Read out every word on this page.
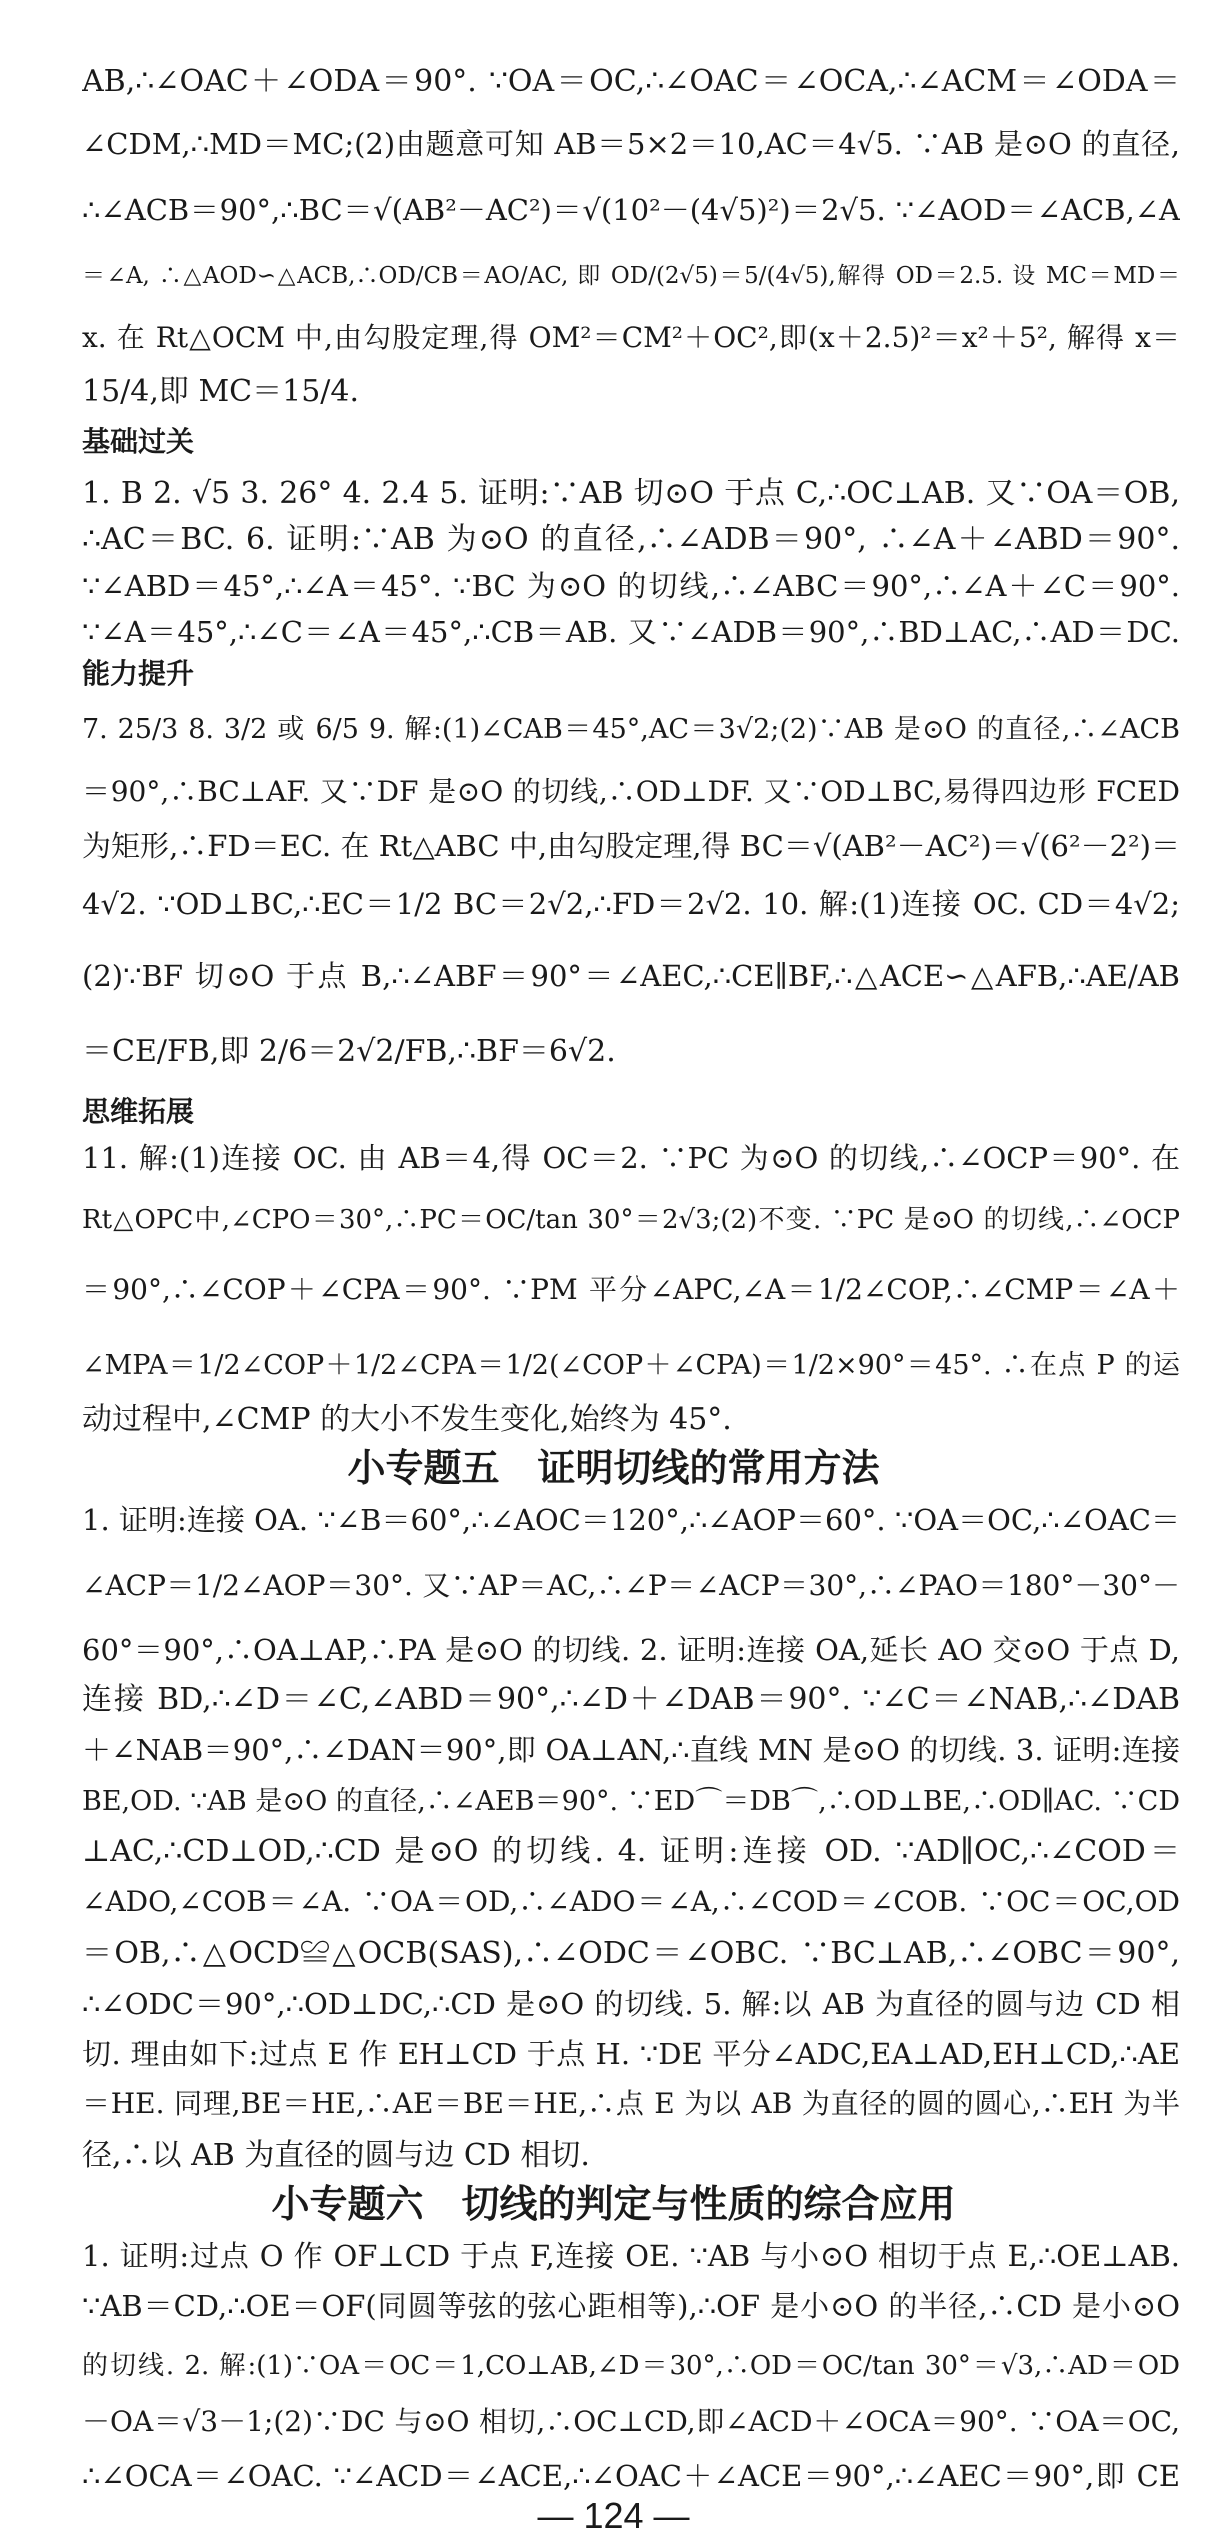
AB,∴∠OAC＋∠ODA＝90°. ∵OA＝OC,∴∠OAC＝∠OCA,∴∠ACM＝∠ODA＝
∠CDM,∴MD＝MC;(2)由题意可知 AB＝5×2＝10,AC＝4√5. ∵AB 是⊙O 的直径,
∴∠ACB＝90°,∴BC＝√(AB²－AC²)＝√(10²－(4√5)²)＝2√5. ∵∠AOD＝∠ACB,∠A
＝∠A, ∴△AOD∽△ACB,∴OD/CB＝AO/AC, 即 OD/(2√5)＝5/(4√5),解得 OD＝2.5. 设 MC＝MD＝
x. 在 Rt△OCM 中,由勾股定理,得 OM²＝CM²＋OC²,即(x＋2.5)²＝x²＋5², 解得 x＝
15/4,即 MC＝15/4.
基础过关
1. B 2. √5 3. 26° 4. 2.4 5. 证明:∵AB 切⊙O 于点 C,∴OC⊥AB. 又∵OA＝OB,
∴AC＝BC. 6. 证明:∵AB 为⊙O 的直径,∴∠ADB＝90°, ∴∠A＋∠ABD＝90°.
∵∠ABD＝45°,∴∠A＝45°. ∵BC 为⊙O 的切线,∴∠ABC＝90°,∴∠A＋∠C＝90°.
∵∠A＝45°,∴∠C＝∠A＝45°,∴CB＝AB. 又∵∠ADB＝90°,∴BD⊥AC,∴AD＝DC.
能力提升
7. 25/3 8. 3/2 或 6/5 9. 解:(1)∠CAB＝45°,AC＝3√2;(2)∵AB 是⊙O 的直径,∴∠ACB
＝90°,∴BC⊥AF. 又∵DF 是⊙O 的切线,∴OD⊥DF. 又∵OD⊥BC,易得四边形 FCED
为矩形,∴FD＝EC. 在 Rt△ABC 中,由勾股定理,得 BC＝√(AB²－AC²)＝√(6²－2²)＝
4√2. ∵OD⊥BC,∴EC＝1/2 BC＝2√2,∴FD＝2√2. 10. 解:(1)连接 OC. CD＝4√2;
(2)∵BF 切⊙O 于点 B,∴∠ABF＝90°＝∠AEC,∴CE∥BF,∴△ACE∽△AFB,∴AE/AB
＝CE/FB,即 2/6＝2√2/FB,∴BF＝6√2.
思维拓展
11. 解:(1)连接 OC. 由 AB＝4,得 OC＝2. ∵PC 为⊙O 的切线,∴∠OCP＝90°. 在
Rt△OPC中,∠CPO＝30°,∴PC＝OC/tan 30°＝2√3;(2)不变. ∵PC 是⊙O 的切线,∴∠OCP
＝90°,∴∠COP＋∠CPA＝90°. ∵PM 平分∠APC,∠A＝1/2∠COP,∴∠CMP＝∠A＋
∠MPA＝1/2∠COP＋1/2∠CPA＝1/2(∠COP＋∠CPA)＝1/2×90°＝45°. ∴在点 P 的运
动过程中,∠CMP 的大小不发生变化,始终为 45°.
小专题五　证明切线的常用方法
1. 证明:连接 OA. ∵∠B＝60°,∴∠AOC＝120°,∴∠AOP＝60°. ∵OA＝OC,∴∠OAC＝
∠ACP＝1/2∠AOP＝30°. 又∵AP＝AC,∴∠P＝∠ACP＝30°,∴∠PAO＝180°－30°－
60°＝90°,∴OA⊥AP,∴PA 是⊙O 的切线. 2. 证明:连接 OA,延长 AO 交⊙O 于点 D,
连接 BD,∴∠D＝∠C,∠ABD＝90°,∴∠D＋∠DAB＝90°. ∵∠C＝∠NAB,∴∠DAB
＋∠NAB＝90°,∴∠DAN＝90°,即 OA⊥AN,∴直线 MN 是⊙O 的切线. 3. 证明:连接
BE,OD. ∵AB 是⊙O 的直径,∴∠AEB＝90°. ∵ED⌒＝DB⌒,∴OD⊥BE,∴OD∥AC. ∵CD
⊥AC,∴CD⊥OD,∴CD 是⊙O 的切线. 4. 证明:连接 OD. ∵AD∥OC,∴∠COD＝
∠ADO,∠COB＝∠A. ∵OA＝OD,∴∠ADO＝∠A,∴∠COD＝∠COB. ∵OC＝OC,OD
＝OB,∴△OCD≌△OCB(SAS),∴∠ODC＝∠OBC. ∵BC⊥AB,∴∠OBC＝90°,
∴∠ODC＝90°,∴OD⊥DC,∴CD 是⊙O 的切线. 5. 解:以 AB 为直径的圆与边 CD 相
切. 理由如下:过点 E 作 EH⊥CD 于点 H. ∵DE 平分∠ADC,EA⊥AD,EH⊥CD,∴AE
＝HE. 同理,BE＝HE,∴AE＝BE＝HE,∴点 E 为以 AB 为直径的圆的圆心,∴EH 为半
径,∴以 AB 为直径的圆与边 CD 相切.
小专题六　切线的判定与性质的综合应用
1. 证明:过点 O 作 OF⊥CD 于点 F,连接 OE. ∵AB 与小⊙O 相切于点 E,∴OE⊥AB.
∵AB＝CD,∴OE＝OF(同圆等弦的弦心距相等),∴OF 是小⊙O 的半径,∴CD 是小⊙O
的切线. 2. 解:(1)∵OA＝OC＝1,CO⊥AB,∠D＝30°,∴OD＝OC/tan 30°＝√3,∴AD＝OD
－OA＝√3－1;(2)∵DC 与⊙O 相切,∴OC⊥CD,即∠ACD＋∠OCA＝90°. ∵OA＝OC,
∴∠OCA＝∠OAC. ∵∠ACD＝∠ACE,∴∠OAC＋∠ACE＝90°,∴∠AEC＝90°,即 CE
— 124 —
